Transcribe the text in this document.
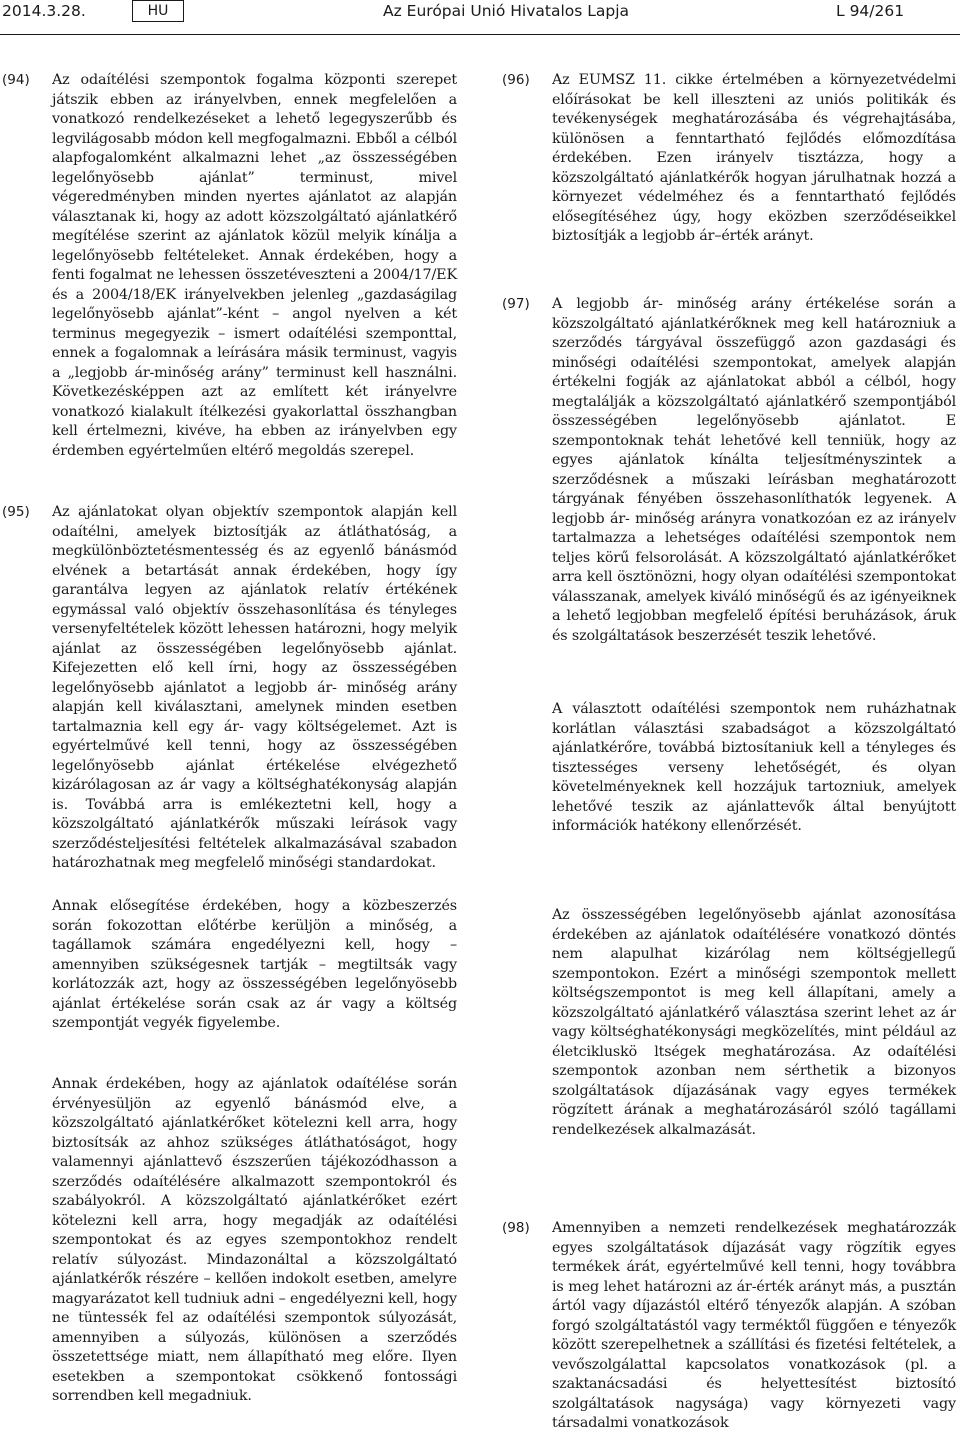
2014.3.28.	HU	Az Európai Unió Hivatalos Lapja	L 94/261
(94) Az odaítélési szempontok fogalma központi szerepet játszik ebben az irányelvben, ennek megfelelően a vonatkozó rendelkezéseket a lehető legegyszerűbb és legvilágosabb módon kell megfogalmazni. Ebből a célból alapfogalomként alkalmazni lehet „az összességében legelőnyösebb ajánlat” terminust, mivel végeredményben minden nyertes ajánlatot az alapján választanak ki, hogy az adott közszolgáltató ajánlatkérő megítélése szerint az ajánlatok közül melyik kínálja a legelőnyösebb feltételeket. Annak érdekében, hogy a fenti fogalmat ne lehessen összetéveszteni a 2004/17/EK és a 2004/18/EK irányelvekben jelenleg „gazdaságilag legelőnyösebb ajánlat”-ként – angol nyelven a két terminus megegyezik – ismert odaítélési szemponttal, ennek a fogalomnak a leírására másik terminust, vagyis a „legjobb ár-minőség arány” terminust kell használni. Következésképpen azt az említett két irányelvre vonatkozó kialakult ítélkezési gyakorlattal összhangban kell értelmezni, kivéve, ha ebben az irányelvben egy érdemben egyértelműen eltérő megoldás szerepel.

(95) Az ajánlatokat olyan objektív szempontok alapján kell odaítélni, amelyek biztosítják az átláthatóság, a megkülönböztetésmentesség és az egyenlő bánásmód elvének a betartását annak érdekében, hogy így garantálva legyen az ajánlatok relatív értékének egymással való objektív összehasonlítása és tényleges versenyfeltételek között lehessen határozni, hogy melyik ajánlat az összességében legelőnyösebb ajánlat. Kifejezetten elő kell írni, hogy az összességében legelőnyösebb ajánlatot a legjobb ár- minőség arány alapján kell kiválasztani, amelynek minden esetben tartalmaznia kell egy ár- vagy költségelemet. Azt is egyértelművé kell tenni, hogy az összességében legelőnyösebb ajánlat értékelése elvégezhető kizárólagosan az ár vagy a költséghatékonyság alapján is. Továbbá arra is emlékeztetni kell, hogy a közszolgáltató ajánlatkérők műszaki leírások vagy szerződésteljesítési feltételek alkalmazásával szabadon határozhatnak meg megfelelő minőségi standardokat.

Annak elősegítése érdekében, hogy a közbeszerzés során fokozottan előtérbe kerüljön a minőség, a tagállamok számára engedélyezni kell, hogy – amennyiben szükségesnek tartják – megtiltsák vagy korlátozzák azt, hogy az összességében legelőnyösebb ajánlat értékelése során csak az ár vagy a költség szempontját vegyék figyelembe.

Annak érdekében, hogy az ajánlatok odaítélése során érvényesüljön az egyenlő bánásmód elve, a közszolgáltató ajánlatkérőket kötelezni kell arra, hogy biztosítsák az ahhoz szükséges átláthatóságot, hogy valamennyi ajánlattevő észszerűen tájékozódhasson a szerződés odaítélésére alkalmazott szempontokról és szabályokról. A közszolgáltató ajánlatkérőket ezért kötelezni kell arra, hogy megadják az odaítélési szempontokat és az egyes szempontokhoz rendelt relatív súlyozást. Mindazonáltal a közszolgáltató ajánlatkérők részére – kellően indokolt esetben, amelyre magyarázatot kell tudniuk adni – engedélyezni kell, hogy ne tüntessék fel az odaítélési szempontok súlyozását, amennyiben a súlyozás, különösen a szerződés összetettsége miatt, nem állapítható meg előre. Ilyen esetekben a szempontokat csökkenő fontossági sorrendben kell megadniuk.

(96) Az EUMSZ 11. cikke értelmében a környezetvédelmi előírásokat be kell illeszteni az uniós politikák és tevékenységek meghatározásába és végrehajtásába, különösen a fenntartható fejlődés előmozdítása érdekében. Ezen irányelv tisztázza, hogy a közszolgáltató ajánlatkérők hogyan járulhatnak hozzá a környezet védelméhez és a fenntartható fejlődés elősegítéséhez úgy, hogy eközben szerződéseikkel biztosítják a legjobb ár–érték arányt.

(97) A legjobb ár- minőség arány értékelése során a közszolgáltató ajánlatkérőknek meg kell határozniuk a szerződés tárgyával összefüggő azon gazdasági és minőségi odaítélési szempontokat, amelyek alapján értékelni fogják az ajánlatokat abból a célból, hogy megtalálják a közszolgáltató ajánlatkérő szempontjából összességében legelőnyösebb ajánlatot. E szempontoknak tehát lehetővé kell tenniük, hogy az egyes ajánlatok kínálta teljesítményszintek a szerződésnek a műszaki leírásban meghatározott tárgyának fényében összehasonlíthatók legyenek. A legjobb ár- minőség arányra vonatkozóan ez az irányelv tartalmazza a lehetséges odaítélési szempontok nem teljes körű felsorolását. A közszolgáltató ajánlatkérőket arra kell ösztönözni, hogy olyan odaítélési szempontokat válasszanak, amelyek kiváló minőségű és az igényeiknek a lehető legjobban megfelelő építési beruházások, áruk és szolgáltatások beszerzését teszik lehetővé.

A választott odaítélési szempontok nem ruházhatnak korlátlan választási szabadságot a közszolgáltató ajánlatkérőre, továbbá biztosítaniuk kell a tényleges és tisztességes verseny lehetőségét, és olyan követelményeknek kell hozzájuk tartozniuk, amelyek lehetővé teszik az ajánlattevők által benyújtott információk hatékony ellenőrzését.

Az összességében legelőnyösebb ajánlat azonosítása érdekében az ajánlatok odaítélésére vonatkozó döntés nem alapulhat kizárólag nem költségjellegű szempontokon. Ezért a minőségi szempontok mellett költségszempontot is meg kell állapítani, amely a közszolgáltató ajánlatkérő választása szerint lehet az ár vagy költséghatékonysági megközelítés, mint például az életcikluskö ltségek meghatározása. Az odaítélési szempontok azonban nem sérthetik a bizonyos szolgáltatások díjazásának vagy egyes termékek rögzített árának a meghatározásáról szóló tagállami rendelkezések alkalmazását.

(98) Amennyiben a nemzeti rendelkezések meghatározzák egyes szolgáltatások díjazását vagy rögzítik egyes termékek árát, egyértelművé kell tenni, hogy továbbra is meg lehet határozni az ár-érték arányt más, a pusztán ártól vagy díjazástól eltérő tényezők alapján. A szóban forgó szolgáltatástól vagy terméktől függően e tényezők között szerepelhetnek a szállítási és fizetési feltételek, a vevőszolgálattal kapcsolatos vonatkozások (pl. a szaktanácsadási és helyettesítést biztosító szolgáltatások nagysága) vagy környezeti vagy társadalmi vonatkozások
